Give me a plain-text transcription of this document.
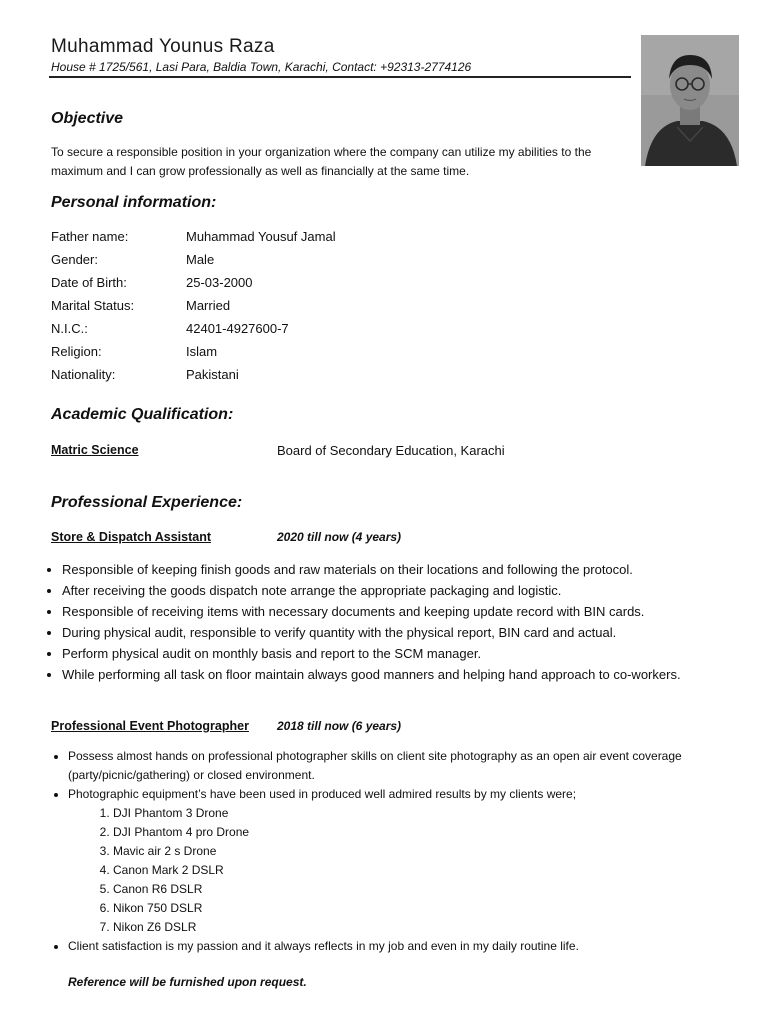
Muhammad Younus Raza
House # 1725/561, Lasi Para, Baldia Town, Karachi, Contact: +92313-2774126
Objective
To secure a responsible position in your organization where the company can utilize my abilities to the maximum and I can grow professionally as well as financially at the same time.
Personal information:
Father name:	Muhammad Yousuf Jamal
Gender:	Male
Date of Birth:	25-03-2000
Marital Status:	Married
N.I.C.:	42401-4927600-7
Religion:	Islam
Nationality:	Pakistani
Academic Qualification:
Matric Science	Board of Secondary Education, Karachi
Professional Experience:
Store & Dispatch Assistant	2020 till now (4 years)
• Responsible of keeping finish goods and raw materials on their locations and following the protocol.
• After receiving the goods dispatch note arrange the appropriate packaging and logistic.
• Responsible of receiving items with necessary documents and keeping update record with BIN cards.
• During physical audit, responsible to verify quantity with the physical report, BIN card and actual.
• Perform physical audit on monthly basis and report to the SCM manager.
• While performing all task on floor maintain always good manners and helping hand approach to co-workers.
Professional Event Photographer 2018 till now (6 years)
• Possess almost hands on professional photographer skills on client site photography as an open air event coverage (party/picnic/gathering) or closed environment.
• Photographic equipment’s have been used in produced well admired results by my clients were;
1. DJI Phantom 3 Drone
2. DJI Phantom 4 pro Drone
3. Mavic air 2 s Drone
4. Canon Mark 2 DSLR
5. Canon R6 DSLR
6. Nikon 750 DSLR
7. Nikon Z6 DSLR
• Client satisfaction is my passion and it always reflects in my job and even in my daily routine life.
Reference will be furnished upon request.
